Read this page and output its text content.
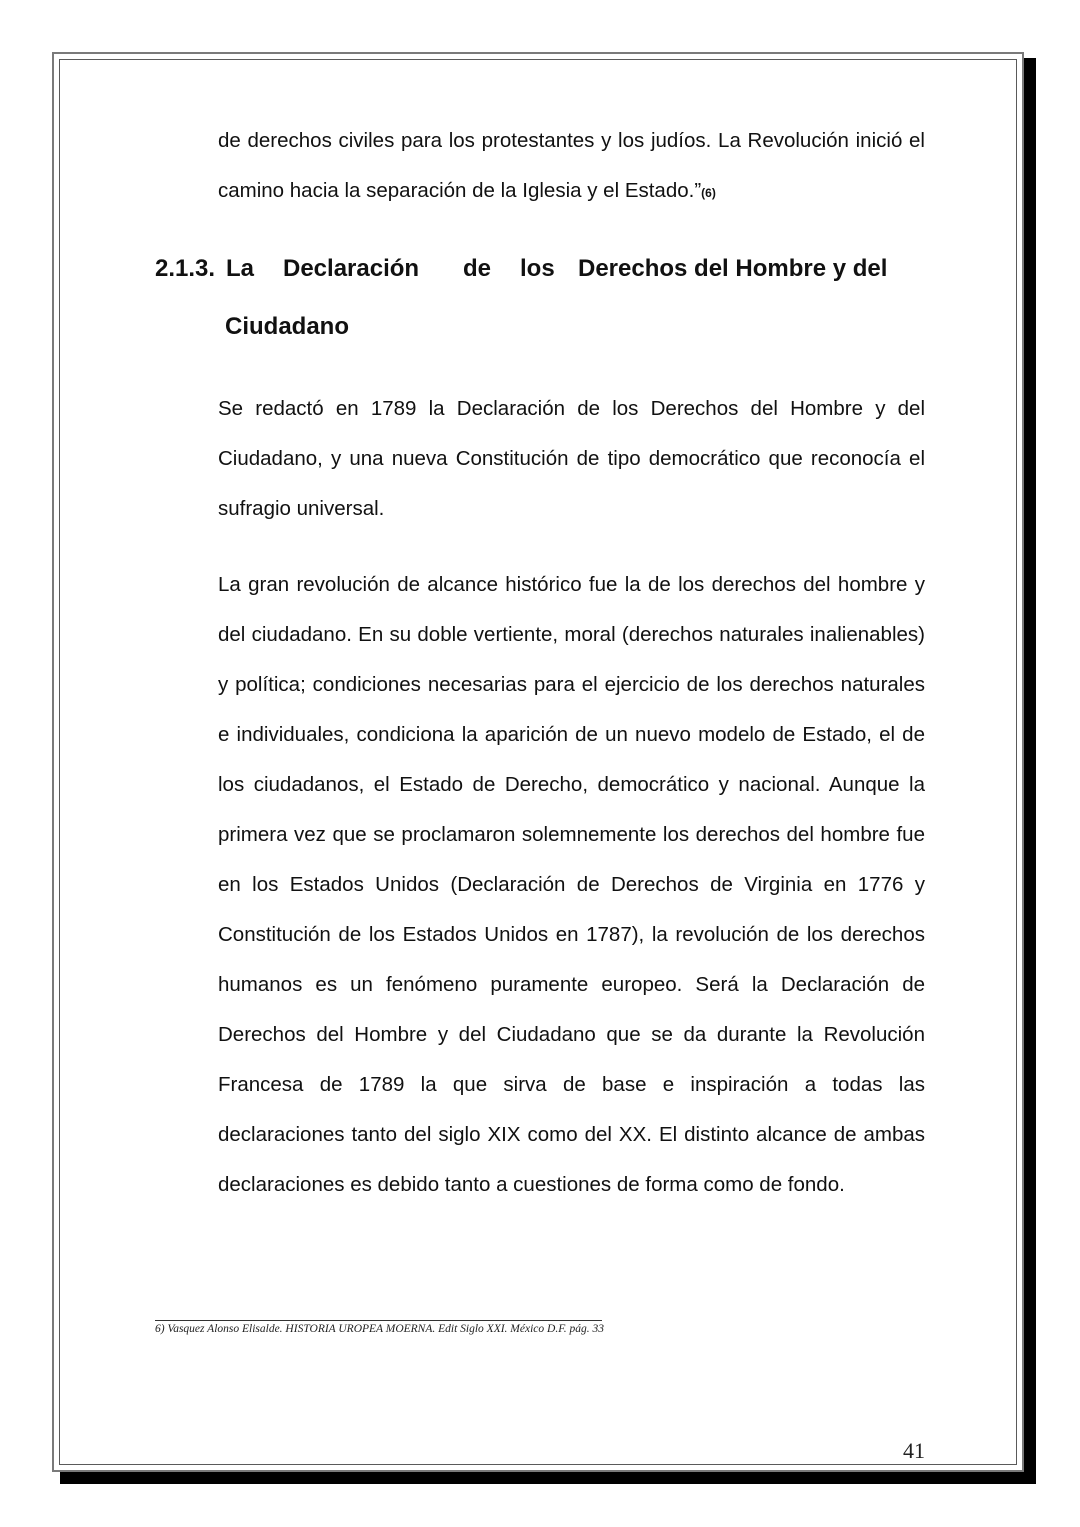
de derechos civiles para los protestantes y los judíos. La Revolución inició el camino hacia la separación de la Iglesia y el Estado.”(6)

2.1.3. La Declaración de los Derechos del Hombre y del
Ciudadano

Se redactó en 1789 la Declaración de los Derechos del Hombre y del Ciudadano, y una nueva Constitución de tipo democrático que reconocía el sufragio universal.

La gran revolución de alcance histórico fue la de los derechos del hombre y del ciudadano. En su doble vertiente, moral (derechos naturales inalienables) y política; condiciones necesarias para el ejercicio de los derechos naturales e individuales, condiciona la aparición de un nuevo modelo de Estado, el de los ciudadanos, el Estado de Derecho, democrático y nacional. Aunque la primera vez que se proclamaron solemnemente los derechos del hombre fue en los Estados Unidos (Declaración de Derechos de Virginia en 1776 y Constitución de los Estados Unidos en 1787), la revolución de los derechos humanos es un fenómeno puramente europeo. Será la Declaración de Derechos del Hombre y del Ciudadano que se da durante la Revolución Francesa de 1789 la que sirva de base e inspiración a todas las declaraciones tanto del siglo XIX como del XX. El distinto alcance de ambas declaraciones es debido tanto a cuestiones de forma como de fondo.

6) Vasquez Alonso Elisalde. HISTORIA UROPEA MOERNA. Edit Siglo XXI. México D.F. pág. 33
41
